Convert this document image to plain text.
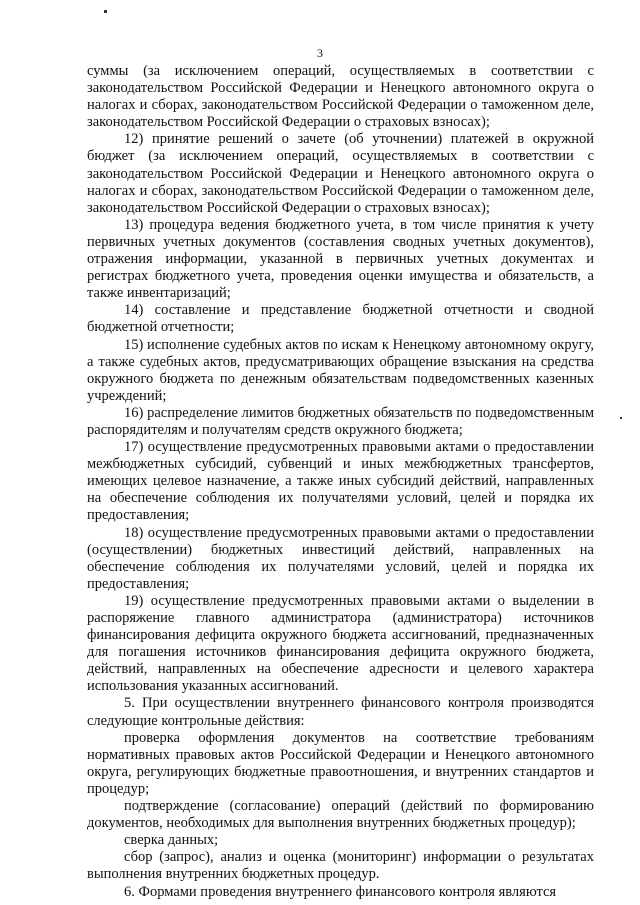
3

суммы (за исключением операций, осуществляемых в соответствии с законодательством Российской Федерации и Ненецкого автономного округа о налогах и сборах, законодательством Российской Федерации о таможенном деле, законодательством Российской Федерации о страховых взносах);

12) принятие решений о зачете (об уточнении) платежей в окружной бюджет (за исключением операций, осуществляемых в соответствии с законодательством Российской Федерации и Ненецкого автономного округа о налогах и сборах, законодательством Российской Федерации о таможенном деле, законодательством Российской Федерации о страховых взносах);

13) процедура ведения бюджетного учета, в том числе принятия к учету первичных учетных документов (составления сводных учетных документов), отражения информации, указанной в первичных учетных документах и регистрах бюджетного учета, проведения оценки имущества и обязательств, а также инвентаризаций;

14) составление и представление бюджетной отчетности и сводной бюджетной отчетности;

15) исполнение судебных актов по искам к Ненецкому автономному округу, а также судебных актов, предусматривающих обращение взыскания на средства окружного бюджета по денежным обязательствам подведомственных казенных учреждений;

16) распределение лимитов бюджетных обязательств по подведомственным распорядителям и получателям средств окружного бюджета;

17) осуществление предусмотренных правовыми актами о предоставлении межбюджетных субсидий, субвенций и иных межбюджетных трансфертов, имеющих целевое назначение, а также иных субсидий действий, направленных на обеспечение соблюдения их получателями условий, целей и порядка их предоставления;

18) осуществление предусмотренных правовыми актами о предоставлении (осуществлении) бюджетных инвестиций действий, направленных на обеспечение соблюдения их получателями условий, целей и порядка их предоставления;

19) осуществление предусмотренных правовыми актами о выделении в распоряжение главного администратора (администратора) источников финансирования дефицита окружного бюджета ассигнований, предназначенных для погашения источников финансирования дефицита окружного бюджета, действий, направленных на обеспечение адресности и целевого характера использования указанных ассигнований.

5. При осуществлении внутреннего финансового контроля производятся следующие контрольные действия:

проверка оформления документов на соответствие требованиям нормативных правовых актов Российской Федерации и Ненецкого автономного округа, регулирующих бюджетные правоотношения, и внутренних стандартов и процедур;

подтверждение (согласование) операций (действий по формированию документов, необходимых для выполнения внутренних бюджетных процедур);

сверка данных;

сбор (запрос), анализ и оценка (мониторинг) информации о результатах выполнения внутренних бюджетных процедур.

6. Формами проведения внутреннего финансового контроля являются
